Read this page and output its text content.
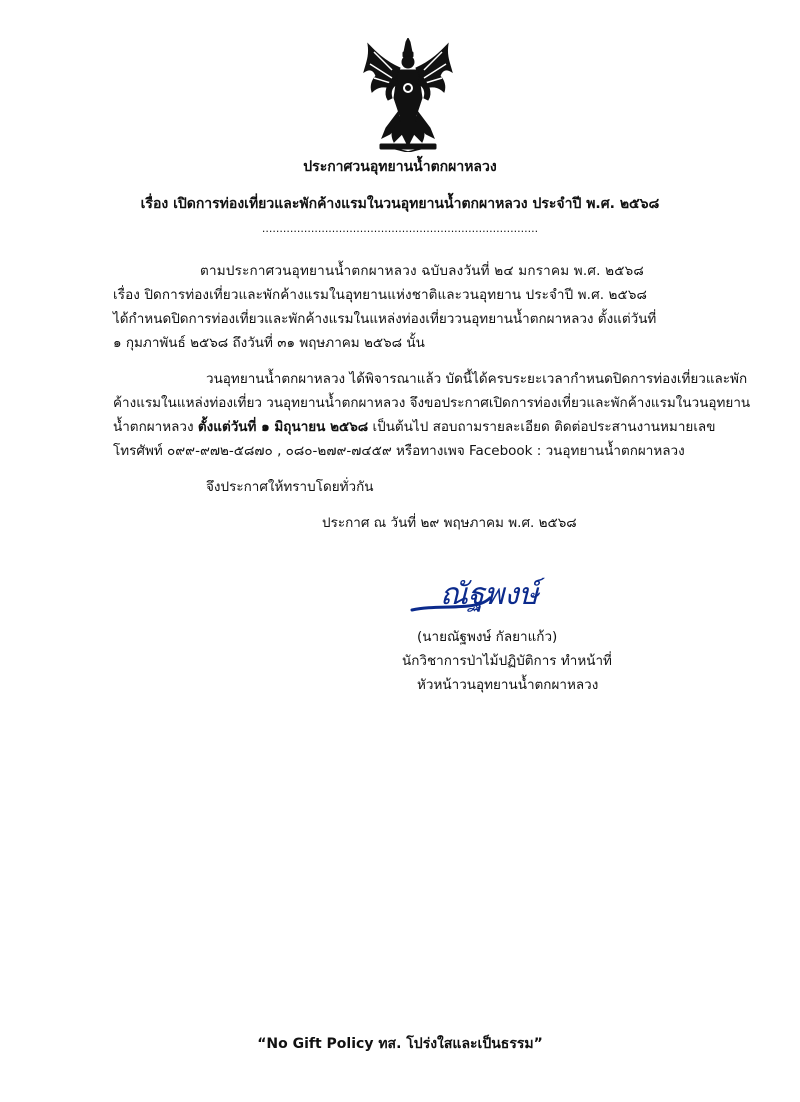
ประกาศวนอุทยานน้ำตกผาหลวง
เรื่อง เปิดการท่องเที่ยวและพักค้างแรมในวนอุทยานน้ำตกผาหลวง ประจำปี พ.ศ. ๒๕๖๘
...............................................................................
ตามประกาศวนอุทยานน้ำตกผาหลวง ฉบับลงวันที่ ๒๔ มกราคม พ.ศ. ๒๕๖๘
เรื่อง ปิดการท่องเที่ยวและพักค้างแรมในอุทยานแห่งชาติและวนอุทยาน ประจำปี พ.ศ. ๒๕๖๘
ได้กำหนดปิดการท่องเที่ยวและพักค้างแรมในแหล่งท่องเที่ยววนอุทยานน้ำตกผาหลวง ตั้งแต่วันที่
๑ กุมภาพันธ์ ๒๕๖๘ ถึงวันที่ ๓๑ พฤษภาคม ๒๕๖๘ นั้น
วนอุทยานน้ำตกผาหลวง ได้พิจารณาแล้ว บัดนี้ได้ครบระยะเวลากำหนดปิดการท่องเที่ยวและพัก
ค้างแรมในแหล่งท่องเที่ยว วนอุทยานน้ำตกผาหลวง จึงขอประกาศเปิดการท่องเที่ยวและพักค้างแรมในวนอุทยาน
น้ำตกผาหลวง ตั้งแต่วันที่ ๑ มิถุนายน ๒๕๖๘ เป็นต้นไป สอบถามรายละเอียด ติดต่อประสานงานหมายเลข
โทรศัพท์ ๐๙๙-๙๗๒-๕๘๗๐ , ๐๘๐-๒๗๙-๗๔๕๙ หรือทางเพจ Facebook : วนอุทยานน้ำตกผาหลวง
จึงประกาศให้ทราบโดยทั่วกัน
ประกาศ ณ วันที่ ๒๙ พฤษภาคม พ.ศ. ๒๕๖๘
ณัฐพงษ์
(นายณัฐพงษ์ กัลยาแก้ว)
นักวิชาการป่าไม้ปฏิบัติการ ทำหน้าที่
หัวหน้าวนอุทยานน้ำตกผาหลวง
“No Gift Policy ทส. โปร่งใสและเป็นธรรม”
